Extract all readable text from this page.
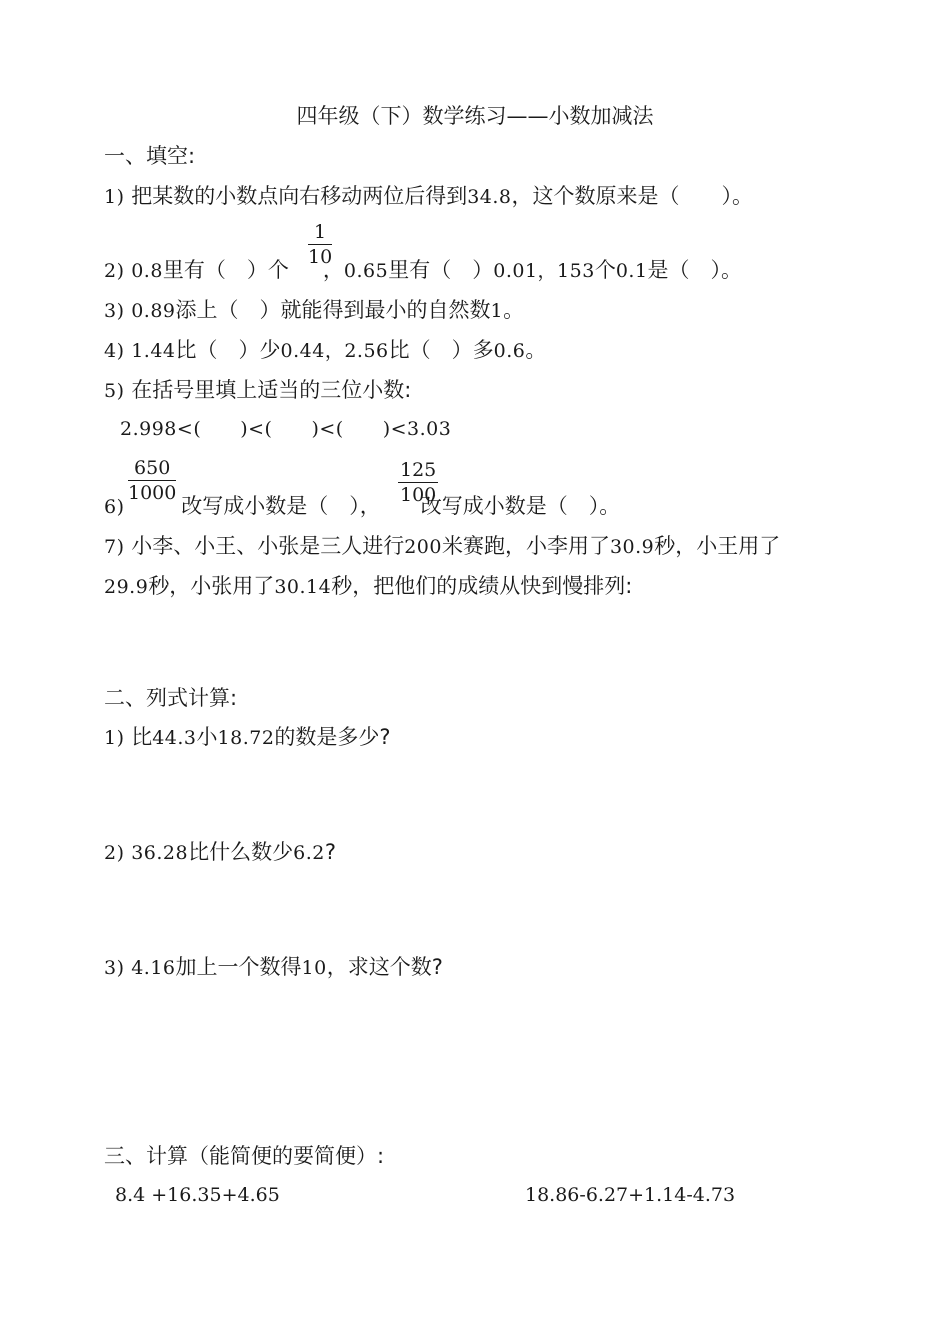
四年级（下）数学练习——小数加减法
一、填空:
1) 把某数的小数点向右移动两位后得到34.8，这个数原来是（　　）。
1
10
2) 0.8里有（　）个 ，0.65里有（　）0.01，153个0.1是（　）。
3) 0.89添上（　）就能得到最小的自然数1。
4) 1.44比（　）少0.44，2.56比（　）多0.6。
5) 在括号里填上适当的三位小数:
2.998<(　　)<(　　)<(　　)<3.03
650
1000
125
100
6)	改写成小数是（　）， 改写成小数是（　）。
7) 小李、小王、小张是三人进行200米赛跑，小李用了30.9秒，小王用了
29.9秒，小张用了30.14秒，把他们的成绩从快到慢排列:
二、列式计算:
1) 比44.3小18.72的数是多少?
2) 36.28比什么数少6.2?
3) 4.16加上一个数得10，求这个数?
三、计算（能简便的要简便）:
8.4 +16.35+4.65	18.86-6.27+1.14-4.73
